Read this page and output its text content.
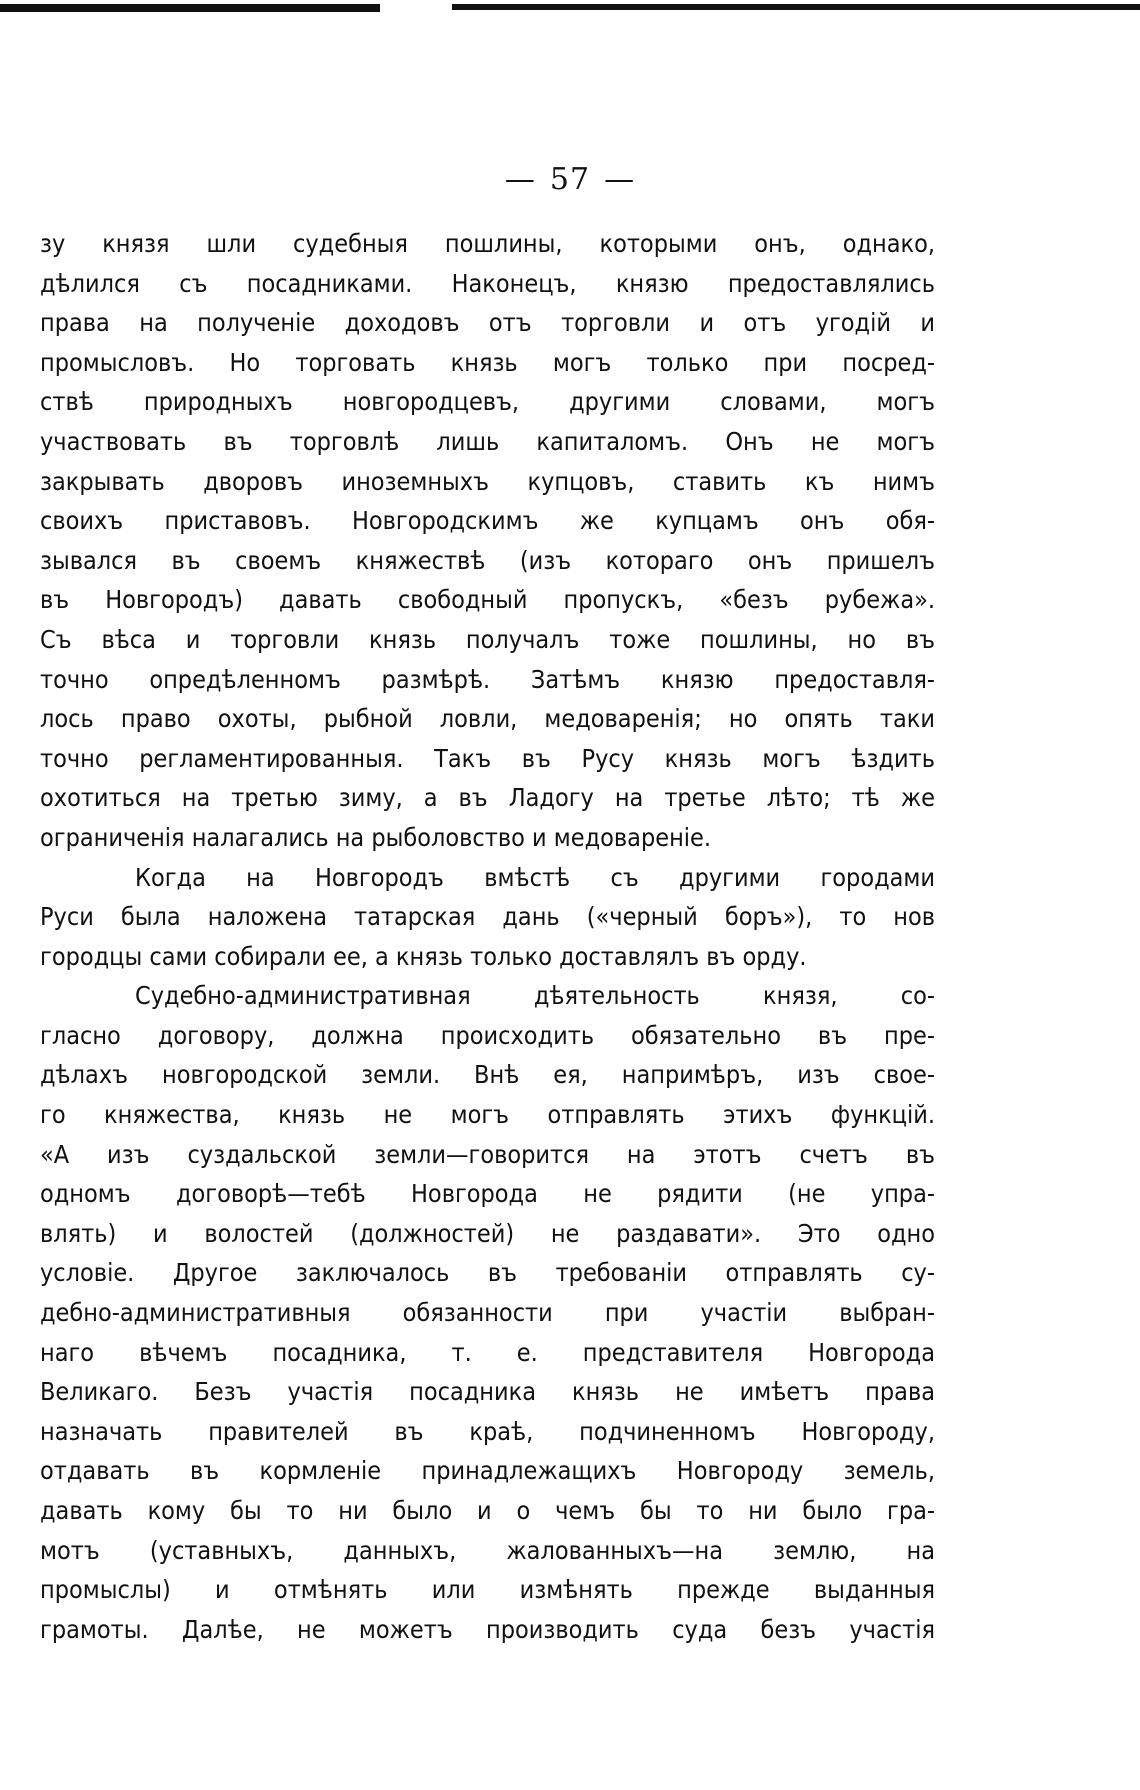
— 57 —
зу князя шли судебныя пошлины, которыми онъ, однако,
дѣлился съ посадниками. Наконецъ, князю предоставлялись
права на полученіе доходовъ отъ торговли и отъ угодій и
промысловъ. Но торговать князь могъ только при посред-
ствѣ природныхъ новгородцевъ, другими словами, могъ
участвовать въ торговлѣ лишь капиталомъ. Онъ не могъ
закрывать дворовъ иноземныхъ купцовъ, ставить къ нимъ
своихъ приставовъ. Новгородскимъ же купцамъ онъ обя-
зывался въ своемъ княжествѣ (изъ котораго онъ пришелъ
въ Новгородъ) давать свободный пропускъ, «безъ рубежа».
Съ вѣса и торговли князь получалъ тоже пошлины, но въ
точно опредѣленномъ размѣрѣ. Затѣмъ князю предоставля-
лось право охоты, рыбной ловли, медоваренія; но опять таки
точно регламентированныя. Такъ въ Русу князь могъ ѣздить
охотиться на третью зиму, а въ Ладогу на третье лѣто; тѣ же
ограниченія налагались на рыболовство и медовареніе.
Когда на Новгородъ вмѣстѣ съ другими городами
Руси была наложена татарская дань («черный боръ»), то нов
городцы сами собирали ее, а князь только доставлялъ въ орду.
Судебно-административная дѣятельность князя, со-
гласно договору, должна происходить обязательно въ пре-
дѣлахъ новгородской земли. Внѣ ея, напримѣръ, изъ свое-
го княжества, князь не могъ отправлять этихъ функцій.
«А изъ суздальской земли—говорится на этотъ счетъ въ
одномъ договорѣ—тебѣ Новгорода не рядити (не упра-
влять) и волостей (должностей) не раздавати». Это одно
условіе. Другое заключалось въ требованіи отправлять су-
дебно-административныя обязанности при участіи выбран-
наго вѣчемъ посадника, т. е. представителя Новгорода
Великаго. Безъ участія посадника князь не имѣетъ права
назначать правителей въ краѣ, подчиненномъ Новгороду,
отдавать въ кормленіе принадлежащихъ Новгороду земель,
давать кому бы то ни было и о чемъ бы то ни было гра-
мотъ (уставныхъ, данныхъ, жалованныхъ—на землю, на
промыслы) и отмѣнять или измѣнять прежде выданныя
грамоты. Далѣе, не можетъ производить суда безъ участія
